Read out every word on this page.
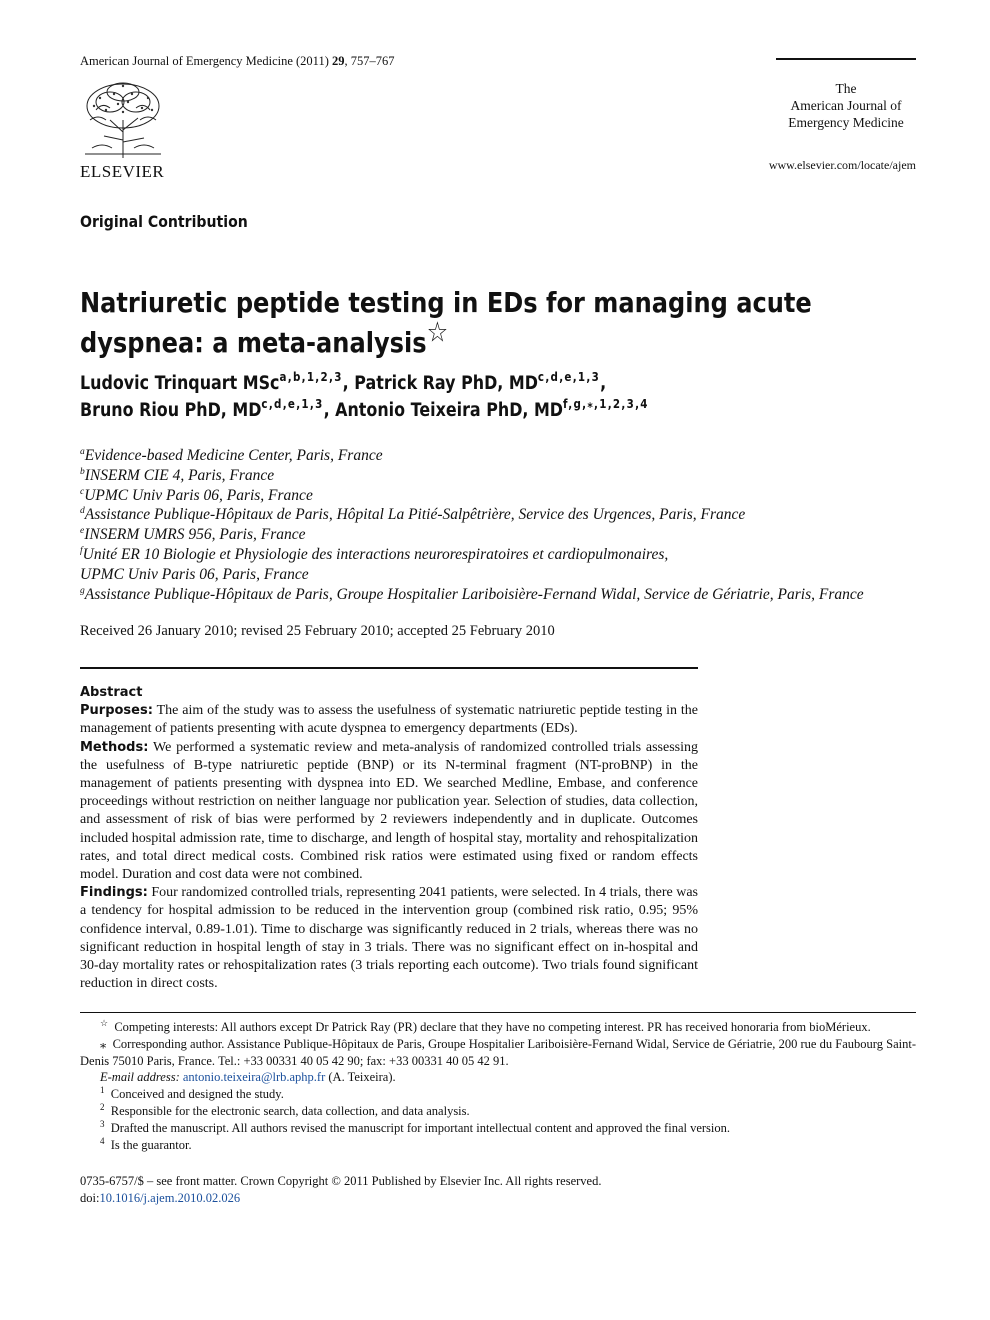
American Journal of Emergency Medicine (2011) 29, 757–767
ELSEVIER
The
American Journal of
Emergency Medicine
www.elsevier.com/locate/ajem
Original Contribution
Natriuretic peptide testing in EDs for managing acute dyspnea: a meta-analysis☆
Ludovic Trinquart MSc$^{a,b,1,2,3}$, Patrick Ray PhD, MD$^{c,d,e,1,3}$,
Bruno Riou PhD, MD$^{c,d,e,1,3}$, Antonio Teixeira PhD, $MD^{f,g,⁎,1,2,3,4}$
$^a$Evidence-based Medicine Center, Paris, France
$^b$INSERM CIE 4, Paris, France
$^c$UPMC Univ Paris 06, Paris, France
$^d$Assistance Publique-Hôpitaux de Paris, Hôpital La Pitié-Salpêtrière, Service des Urgences, Paris, France
$^e$INSERM UMRS 956, Paris, France
$^f$Unité ER 10 Biologie et Physiologie des interactions neurorespiratoires et cardiopulmonaires,
UPMC Univ Paris 06, Paris, France
$^g$Assistance Publique-Hôpitaux de Paris, Groupe Hospitalier Lariboisière-Fernand Widal, Service de Gériatrie, Paris, France
Received 26 January 2010; revised 25 February 2010; accepted 25 February 2010
Abstract

Purposes: The aim of the study was to assess the usefulness of systematic natriuretic peptide testing in the management of patients presenting with acute dyspnea to emergency departments (EDs).

Methods: We performed a systematic review and meta-analysis of randomized controlled trials assessing the usefulness of B-type natriuretic peptide (BNP) or its N-terminal fragment (NT-proBNP) in the management of patients presenting with dyspnea into ED. We searched Medline, Embase, and conference proceedings without restriction on neither language nor publication year. Selection of studies, data collection, and assessment of risk of bias were performed by 2 reviewers independently and in duplicate. Outcomes included hospital admission rate, time to discharge, and length of hospital stay, mortality and rehospitalization rates, and total direct medical costs. Combined risk ratios were estimated using fixed or random effects model. Duration and cost data were not combined.

Findings: Four randomized controlled trials, representing 2041 patients, were selected. In 4 trials, there was a tendency for hospital admission to be reduced in the intervention group (combined risk ratio, 0.95; 95% confidence interval, 0.89-1.01). Time to discharge was significantly reduced in 2 trials, whereas there was no significant reduction in hospital length of stay in 3 trials. There was no significant effect on in-hospital and 30-day mortality rates or rehospitalization rates (3 trials reporting each outcome). Two trials found significant reduction in direct costs.

☆ Competing interests: All authors except Dr Patrick Ray (PR) declare that they have no competing interest. PR has received honoraria from bioMérieux.

⁎ Corresponding author. Assistance Publique-Hôpitaux de Paris, Groupe Hospitalier Lariboisière-Fernand Widal, Service de Gériatrie, 200 rue du Faubourg Saint-Denis 75010 Paris, France. Tel.: +33 00331 40 05 42 90; fax: +33 00331 40 05 42 91.

E-mail address: antonio.teixeira@lrb.aphp.fr (A. Teixeira).

$^1$ Conceived and designed the study.

$^2$ Responsible for the electronic search, data collection, and data analysis.

$^3$ Drafted the manuscript. All authors revised the manuscript for important intellectual content and approved the final version.

$^4$ Is the guarantor.

0735-6757/$ – see front matter. Crown Copyright © 2011 Published by Elsevier Inc. All rights reserved.

doi:10.1016/j.ajem.2010.02.026
